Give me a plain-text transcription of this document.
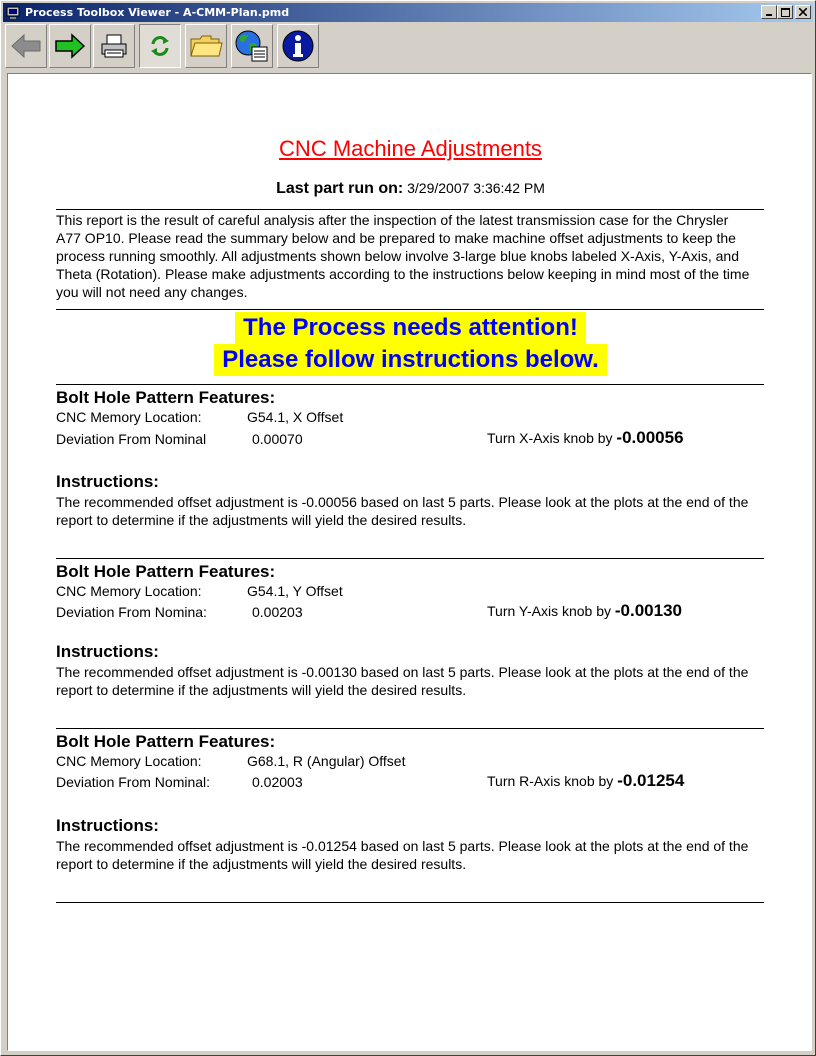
Process Toolbox Viewer - A-CMM-Plan.pmd
CNC Machine Adjustments
Last part run on: 3/29/2007 3:36:42 PM
This report is the result of careful analysis after the inspection of the latest transmission case for the Chrysler A77 OP10. Please read the summary below and be prepared to make machine offset adjustments to keep the process running smoothly. All adjustments shown below involve 3-large blue knobs labeled X-Axis, Y-Axis, and Theta (Rotation). Please make adjustments according to the instructions below keeping in mind most of the time you will not need any changes.
The Process needs attention!
Please follow instructions below.
Bolt Hole Pattern Features:
CNC Memory Location:	G54.1, X Offset
Deviation From Nominal	0.00070	Turn X-Axis knob by -0.00056
Instructions:
The recommended offset adjustment is -0.00056 based on last 5 parts. Please look at the plots at the end of the report to determine if the adjustments will yield the desired results.
Bolt Hole Pattern Features:
CNC Memory Location:	G54.1, Y Offset
Deviation From Nomina:	0.00203	Turn Y-Axis knob by -0.00130
Instructions:
The recommended offset adjustment is -0.00130 based on last 5 parts. Please look at the plots at the end of the report to determine if the adjustments will yield the desired results.
Bolt Hole Pattern Features:
CNC Memory Location:	G68.1, R (Angular) Offset
Deviation From Nominal:	0.02003	Turn R-Axis knob by -0.01254
Instructions:
The recommended offset adjustment is -0.01254 based on last 5 parts. Please look at the plots at the end of the report to determine if the adjustments will yield the desired results.
